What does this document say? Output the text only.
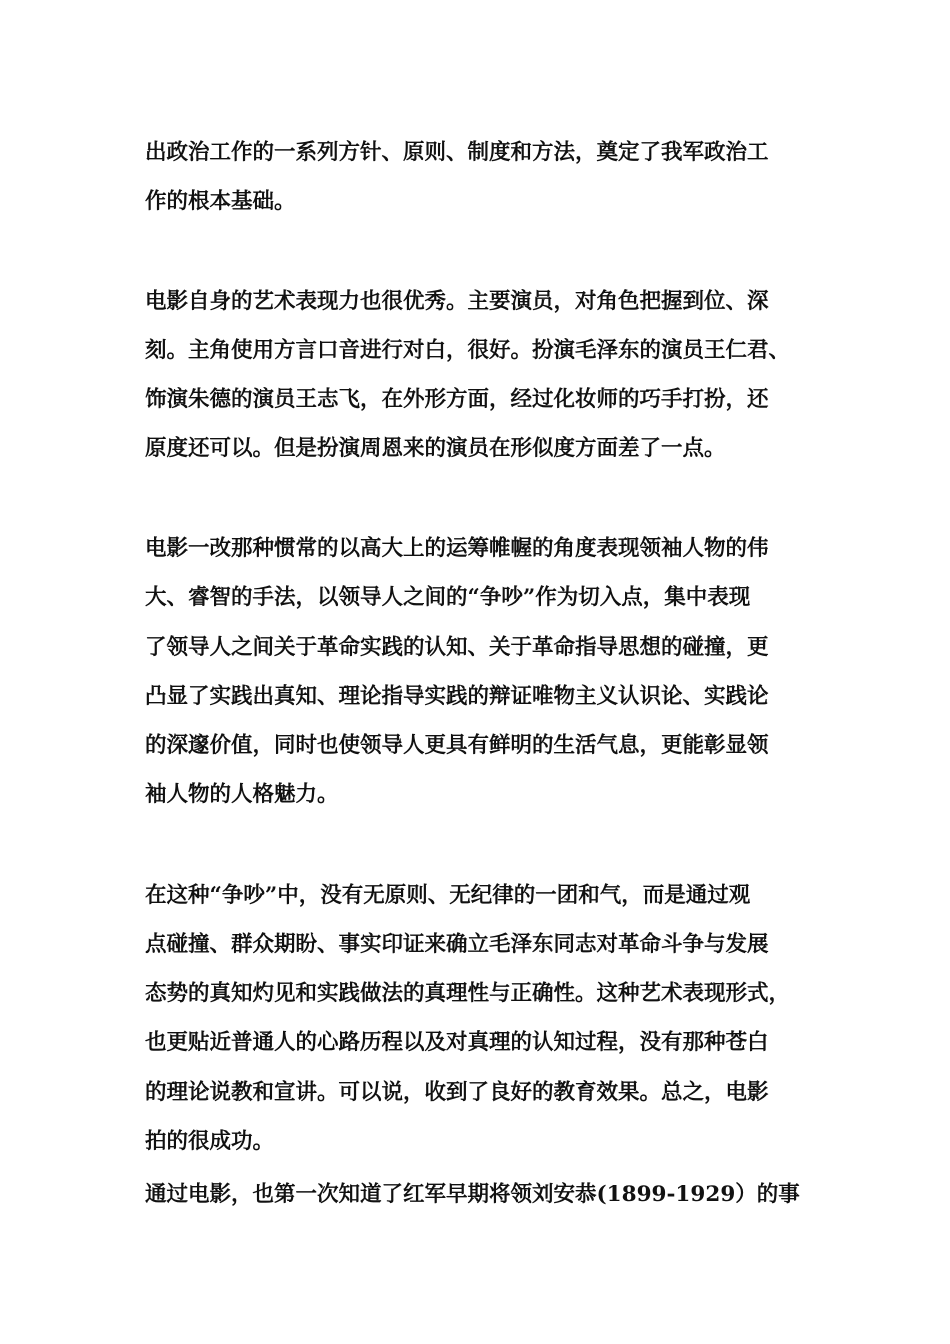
出政治工作的一系列方针、原则、制度和方法，奠定了我军政治工
作的根本基础。
电影自身的艺术表现力也很优秀。主要演员，对角色把握到位、深
刻。主角使用方言口音进行对白，很好。扮演毛泽东的演员王仁君、
饰演朱德的演员王志飞，在外形方面，经过化妆师的巧手打扮，还
原度还可以。但是扮演周恩来的演员在形似度方面差了一点。
电影一改那种惯常的以高大上的运筹帷幄的角度表现领袖人物的伟
大、睿智的手法，以领导人之间的“争吵”作为切入点，集中表现
了领导人之间关于革命实践的认知、关于革命指导思想的碰撞，更
凸显了实践出真知、理论指导实践的辩证唯物主义认识论、实践论
的深邃价值，同时也使领导人更具有鲜明的生活气息，更能彰显领
袖人物的人格魅力。
在这种“争吵”中，没有无原则、无纪律的一团和气，而是通过观
点碰撞、群众期盼、事实印证来确立毛泽东同志对革命斗争与发展
态势的真知灼见和实践做法的真理性与正确性。这种艺术表现形式，
也更贴近普通人的心路历程以及对真理的认知过程，没有那种苍白
的理论说教和宣讲。可以说，收到了良好的教育效果。总之，电影
拍的很成功。
通过电影，也第一次知道了红军早期将领刘安恭(1899-1929）的事
